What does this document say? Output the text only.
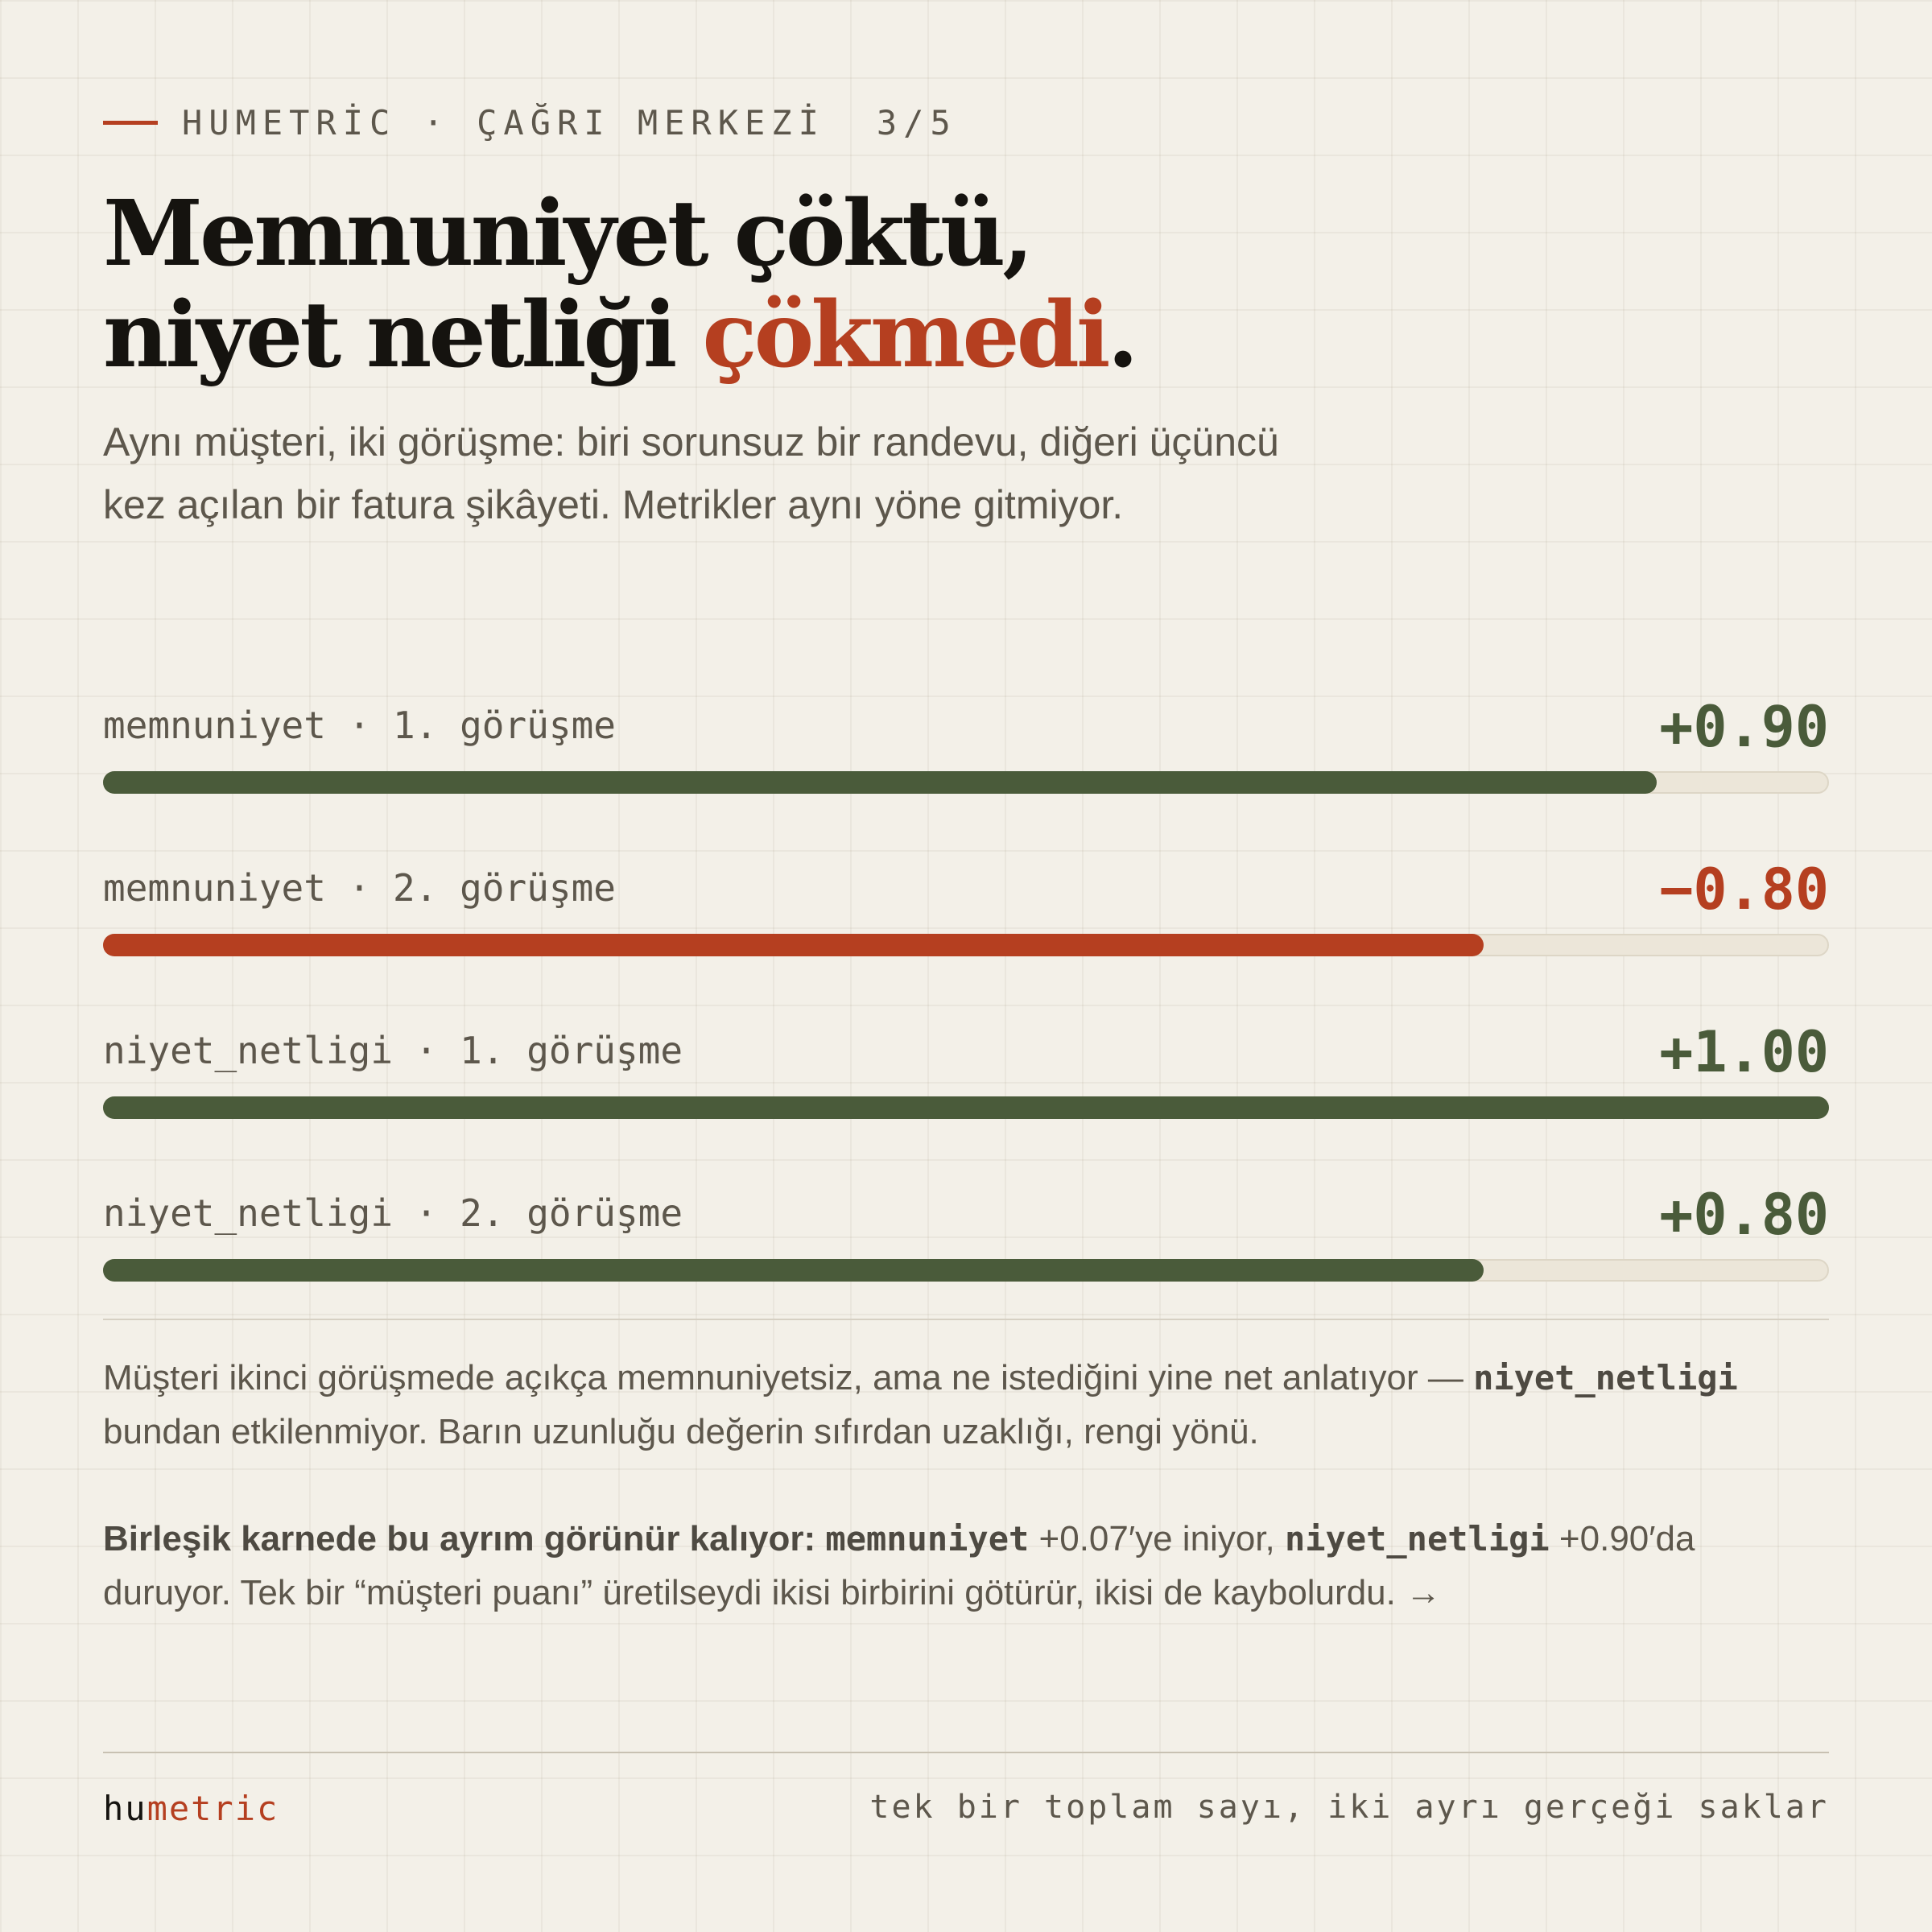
HUMETRİC · ÇAĞRI MERKEZİ 3/5
Memnuniyet çöktü,
niyet netliği çökmedi.

Aynı müşteri, iki görüşme: biri sorunsuz bir randevu, diğeri üçüncü kez açılan bir fatura şikâyeti. Metrikler aynı yöne gitmiyor.

memnuniyet · 1. görüşme	+0.90
memnuniyet · 2. görüşme	−0.80
niyet_netligi · 1. görüşme	+1.00
niyet_netligi · 2. görüşme	+0.80

Müşteri ikinci görüşmede açıkça memnuniyetsiz, ama ne istediğini yine net anlatıyor — niyet_netligi bundan etkilenmiyor. Barın uzunluğu değerin sıfırdan uzaklığı, rengi yönü.

Birleşik karnede bu ayrım görünür kalıyor: memnuniyet +0.07′ye iniyor, niyet_netligi +0.90′da duruyor. Tek bir “müşteri puanı” üretilseydi ikisi birbirini götürür, ikisi de kaybolurdu. →

humetric	tek bir toplam sayı, iki ayrı gerçeği saklar
